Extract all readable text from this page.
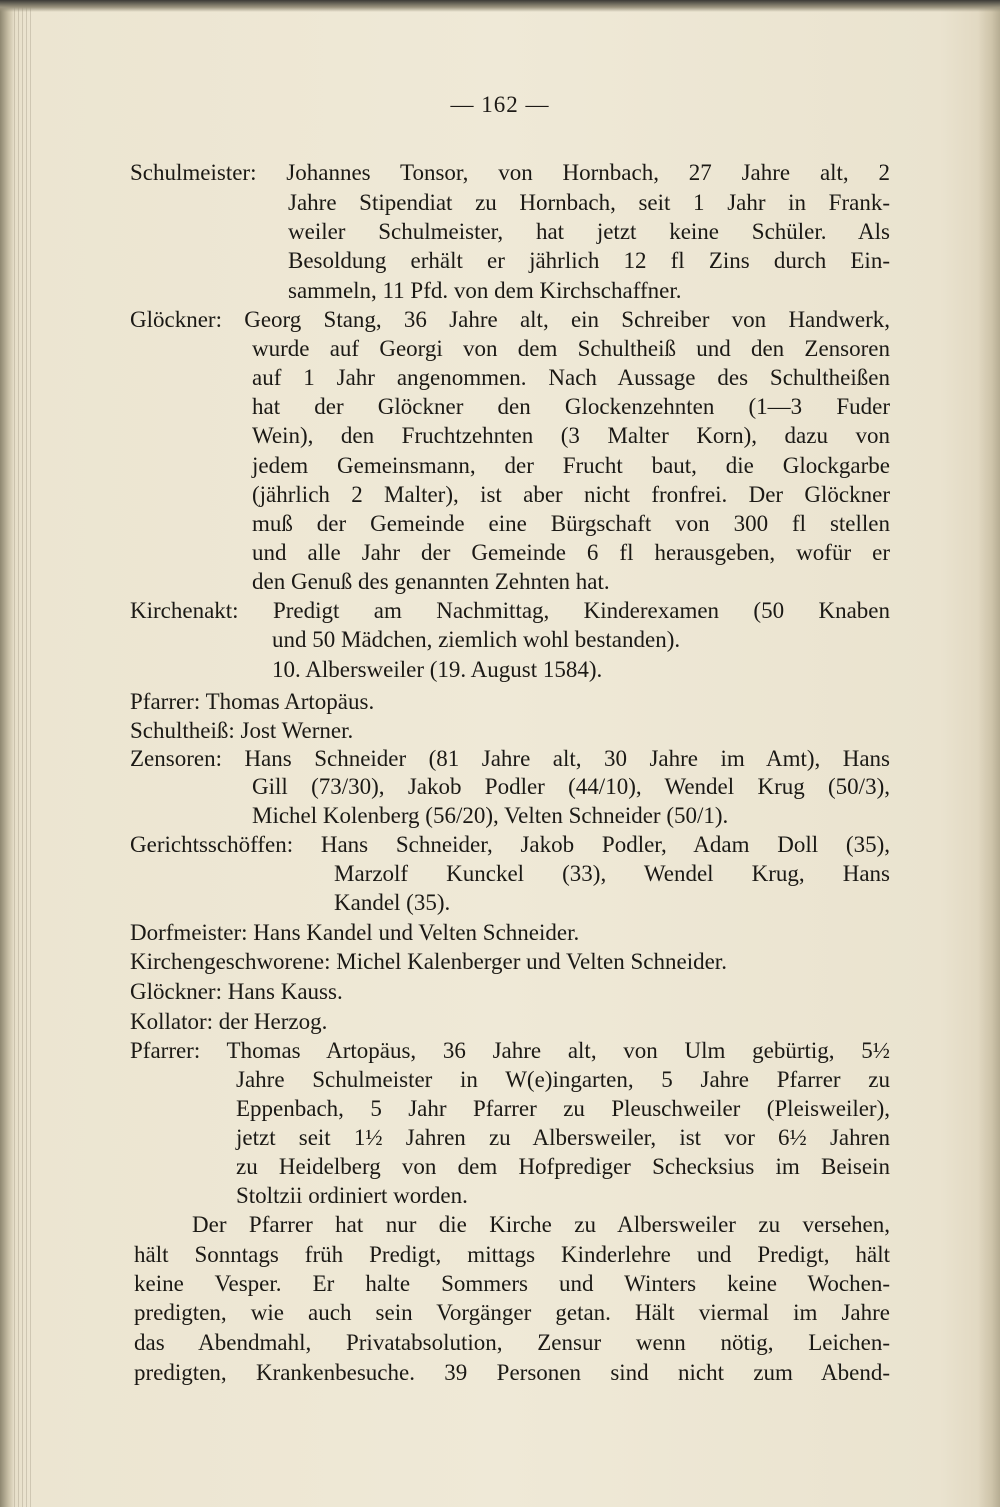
— 162 —
Schulmeister: Johannes Tonsor, von Hornbach, 27 Jahre alt, 2
Jahre Stipendiat zu Hornbach, seit 1 Jahr in Frank-
weiler Schulmeister, hat jetzt keine Schüler. Als
Besoldung erhält er jährlich 12 fl Zins durch Ein-
sammeln, 11 Pfd. von dem Kirchschaffner.
Glöckner: Georg Stang, 36 Jahre alt, ein Schreiber von Handwerk,
wurde auf Georgi von dem Schultheiß und den Zensoren
auf 1 Jahr angenommen. Nach Aussage des Schultheißen
hat der Glöckner den Glockenzehnten (1—3 Fuder
Wein), den Fruchtzehnten (3 Malter Korn), dazu von
jedem Gemeinsmann, der Frucht baut, die Glockgarbe
(jährlich 2 Malter), ist aber nicht fronfrei. Der Glöckner
muß der Gemeinde eine Bürgschaft von 300 fl stellen
und alle Jahr der Gemeinde 6 fl herausgeben, wofür er
den Genuß des genannten Zehnten hat.
Kirchenakt: Predigt am Nachmittag, Kinderexamen (50 Knaben
und 50 Mädchen, ziemlich wohl bestanden).
10. Albersweiler (19. August 1584).
Pfarrer: Thomas Artopäus.
Schultheiß: Jost Werner.
Zensoren: Hans Schneider (81 Jahre alt, 30 Jahre im Amt), Hans
Gill (73/30), Jakob Podler (44/10), Wendel Krug (50/3),
Michel Kolenberg (56/20), Velten Schneider (50/1).
Gerichtsschöffen: Hans Schneider, Jakob Podler, Adam Doll (35),
Marzolf Kunckel (33), Wendel Krug, Hans
Kandel (35).
Dorfmeister: Hans Kandel und Velten Schneider.
Kirchengeschworene: Michel Kalenberger und Velten Schneider.
Glöckner: Hans Kauss.
Kollator: der Herzog.
Pfarrer: Thomas Artopäus, 36 Jahre alt, von Ulm gebürtig, 5½
Jahre Schulmeister in W(e)ingarten, 5 Jahre Pfarrer zu
Eppenbach, 5 Jahr Pfarrer zu Pleuschweiler (Pleisweiler),
jetzt seit 1½ Jahren zu Albersweiler, ist vor 6½ Jahren
zu Heidelberg von dem Hofprediger Schecksius im Beisein
Stoltzii ordiniert worden.
Der Pfarrer hat nur die Kirche zu Albersweiler zu versehen,
hält Sonntags früh Predigt, mittags Kinderlehre und Predigt, hält
keine Vesper. Er halte Sommers und Winters keine Wochen-
predigten, wie auch sein Vorgänger getan. Hält viermal im Jahre
das Abendmahl, Privatabsolution, Zensur wenn nötig, Leichen-
predigten, Krankenbesuche. 39 Personen sind nicht zum Abend-
